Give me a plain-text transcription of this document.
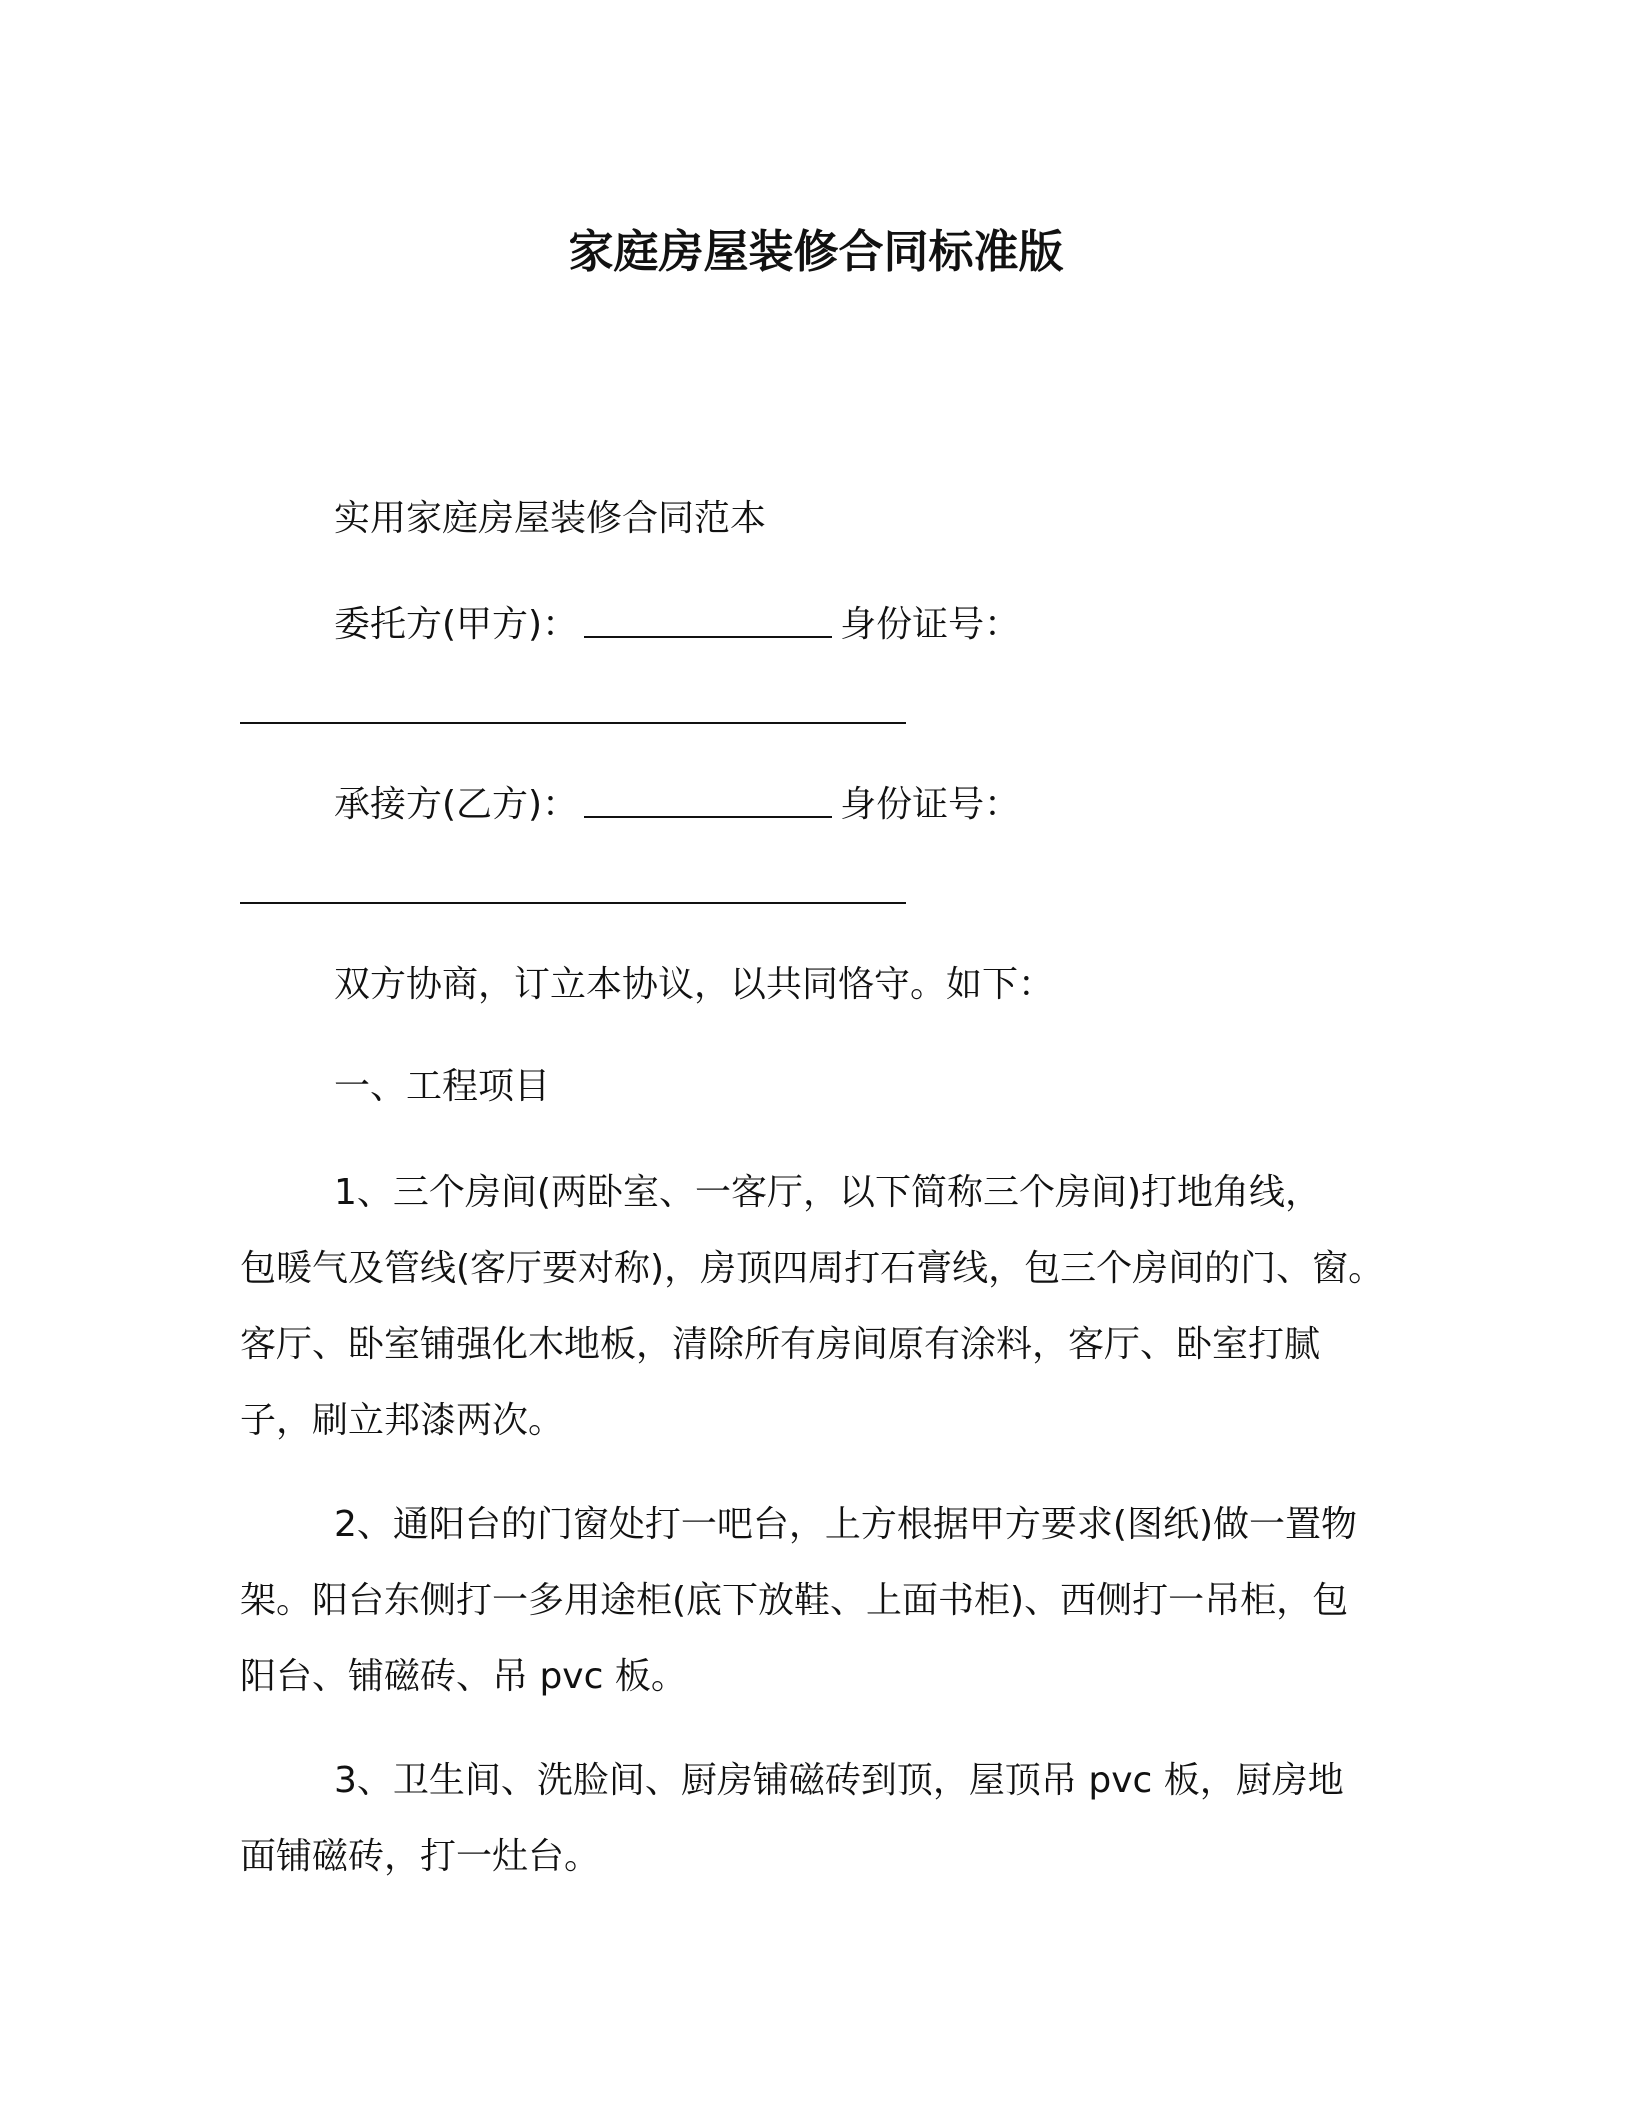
家庭房屋装修合同标准版
实用家庭房屋装修合同范本
委托方(甲方)：	身份证号：
承接方(乙方)：	身份证号：
双方协商，订立本协议，以共同恪守。如下：
一、工程项目
1、三个房间(两卧室、一客厅，以下简称三个房间)打地角线，
包暖气及管线(客厅要对称)，房顶四周打石膏线，包三个房间的门、窗。
客厅、卧室铺强化木地板，清除所有房间原有涂料，客厅、卧室打腻
子，刷立邦漆两次。
2、通阳台的门窗处打一吧台，上方根据甲方要求(图纸)做一置物
架。阳台东侧打一多用途柜(底下放鞋、上面书柜)、西侧打一吊柜，包
阳台、铺磁砖、吊 pvc 板。
3、卫生间、洗脸间、厨房铺磁砖到顶，屋顶吊 pvc 板，厨房地
面铺磁砖，打一灶台。
